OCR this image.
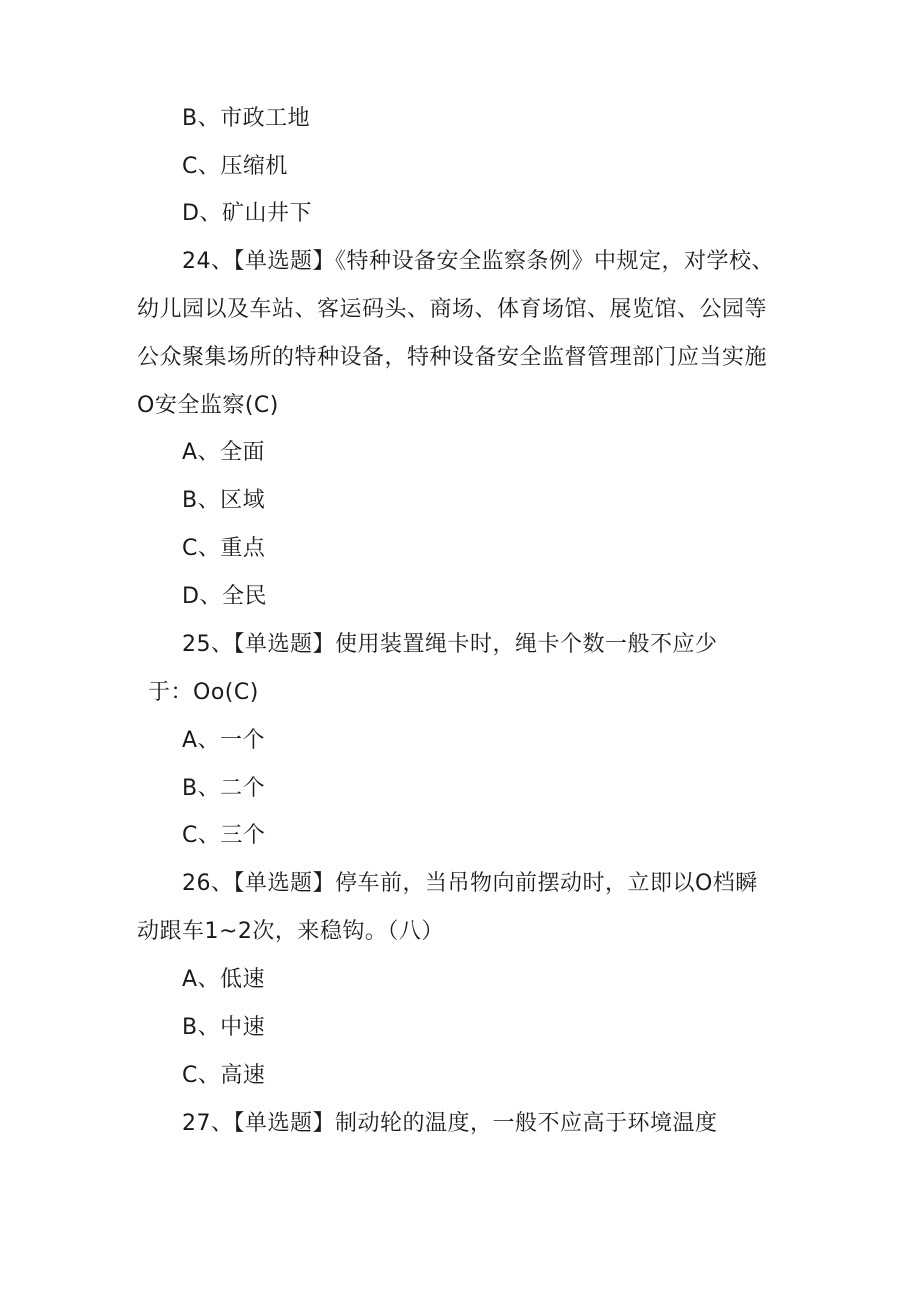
B、市政工地
C、压缩机
D、矿山井下
24、【单选题】《特种设备安全监察条例》中规定，对学校、
幼儿园以及车站、客运码头、商场、体育场馆、展览馆、公园等
公众聚集场所的特种设备，特种设备安全监督管理部门应当实施
O安全监察(C)
A、全面
B、区域
C、重点
D、全民
25、【单选题】使用装置绳卡时，绳卡个数一般不应少
于：Oo(C)
A、一个
B、二个
C、三个
26、【单选题】停车前，当吊物向前摆动时，立即以O档瞬
动跟车1~2次，来稳钩。（八）
A、低速
B、中速
C、高速
27、【单选题】制动轮的温度，一般不应高于环境温度
